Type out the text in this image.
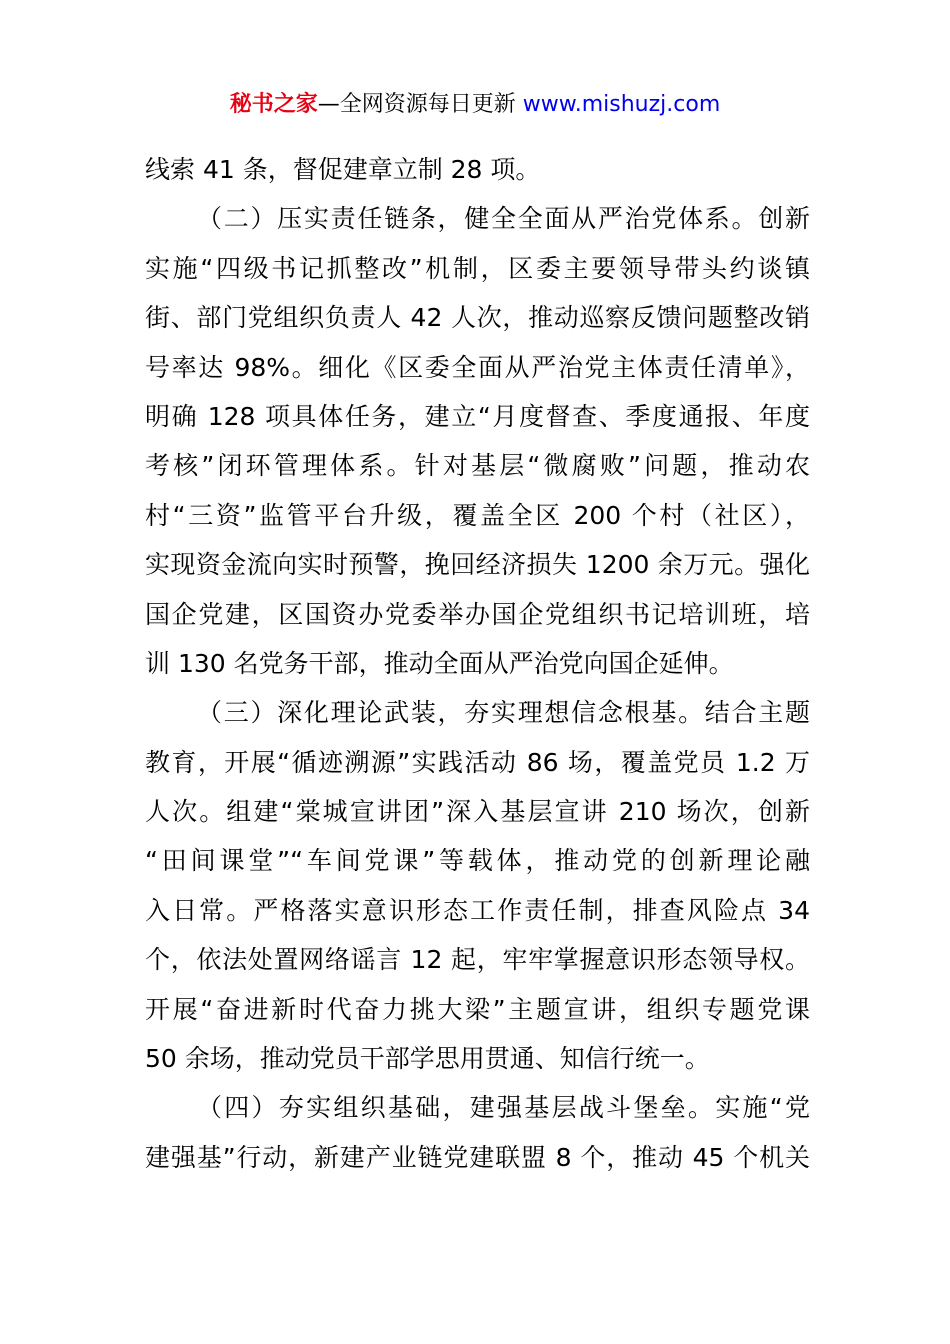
秘书之家—全网资源每日更新 www.mishuzj.com
线索 41 条，督促建章立制 28 项。
（二）压实责任链条，健全全面从严治党体系。创新
实施“四级书记抓整改”机制，区委主要领导带头约谈镇
街、部门党组织负责人 42 人次，推动巡察反馈问题整改销
号率达 98%。细化《区委全面从严治党主体责任清单》，
明确 128 项具体任务，建立“月度督查、季度通报、年度
考核”闭环管理体系。针对基层“微腐败”问题，推动农
村“三资”监管平台升级，覆盖全区 200 个村（社区），
实现资金流向实时预警，挽回经济损失 1200 余万元。强化
国企党建，区国资办党委举办国企党组织书记培训班，培
训 130 名党务干部，推动全面从严治党向国企延伸。
（三）深化理论武装，夯实理想信念根基。结合主题
教育，开展“循迹溯源”实践活动 86 场，覆盖党员 1.2 万
人次。组建“棠城宣讲团”深入基层宣讲 210 场次，创新
“田间课堂”“车间党课”等载体，推动党的创新理论融
入日常。严格落实意识形态工作责任制，排查风险点 34
个，依法处置网络谣言 12 起，牢牢掌握意识形态领导权。
开展“奋进新时代奋力挑大梁”主题宣讲，组织专题党课
50 余场，推动党员干部学思用贯通、知信行统一。
（四）夯实组织基础，建强基层战斗堡垒。实施“党
建强基”行动，新建产业链党建联盟 8 个，推动 45 个机关
